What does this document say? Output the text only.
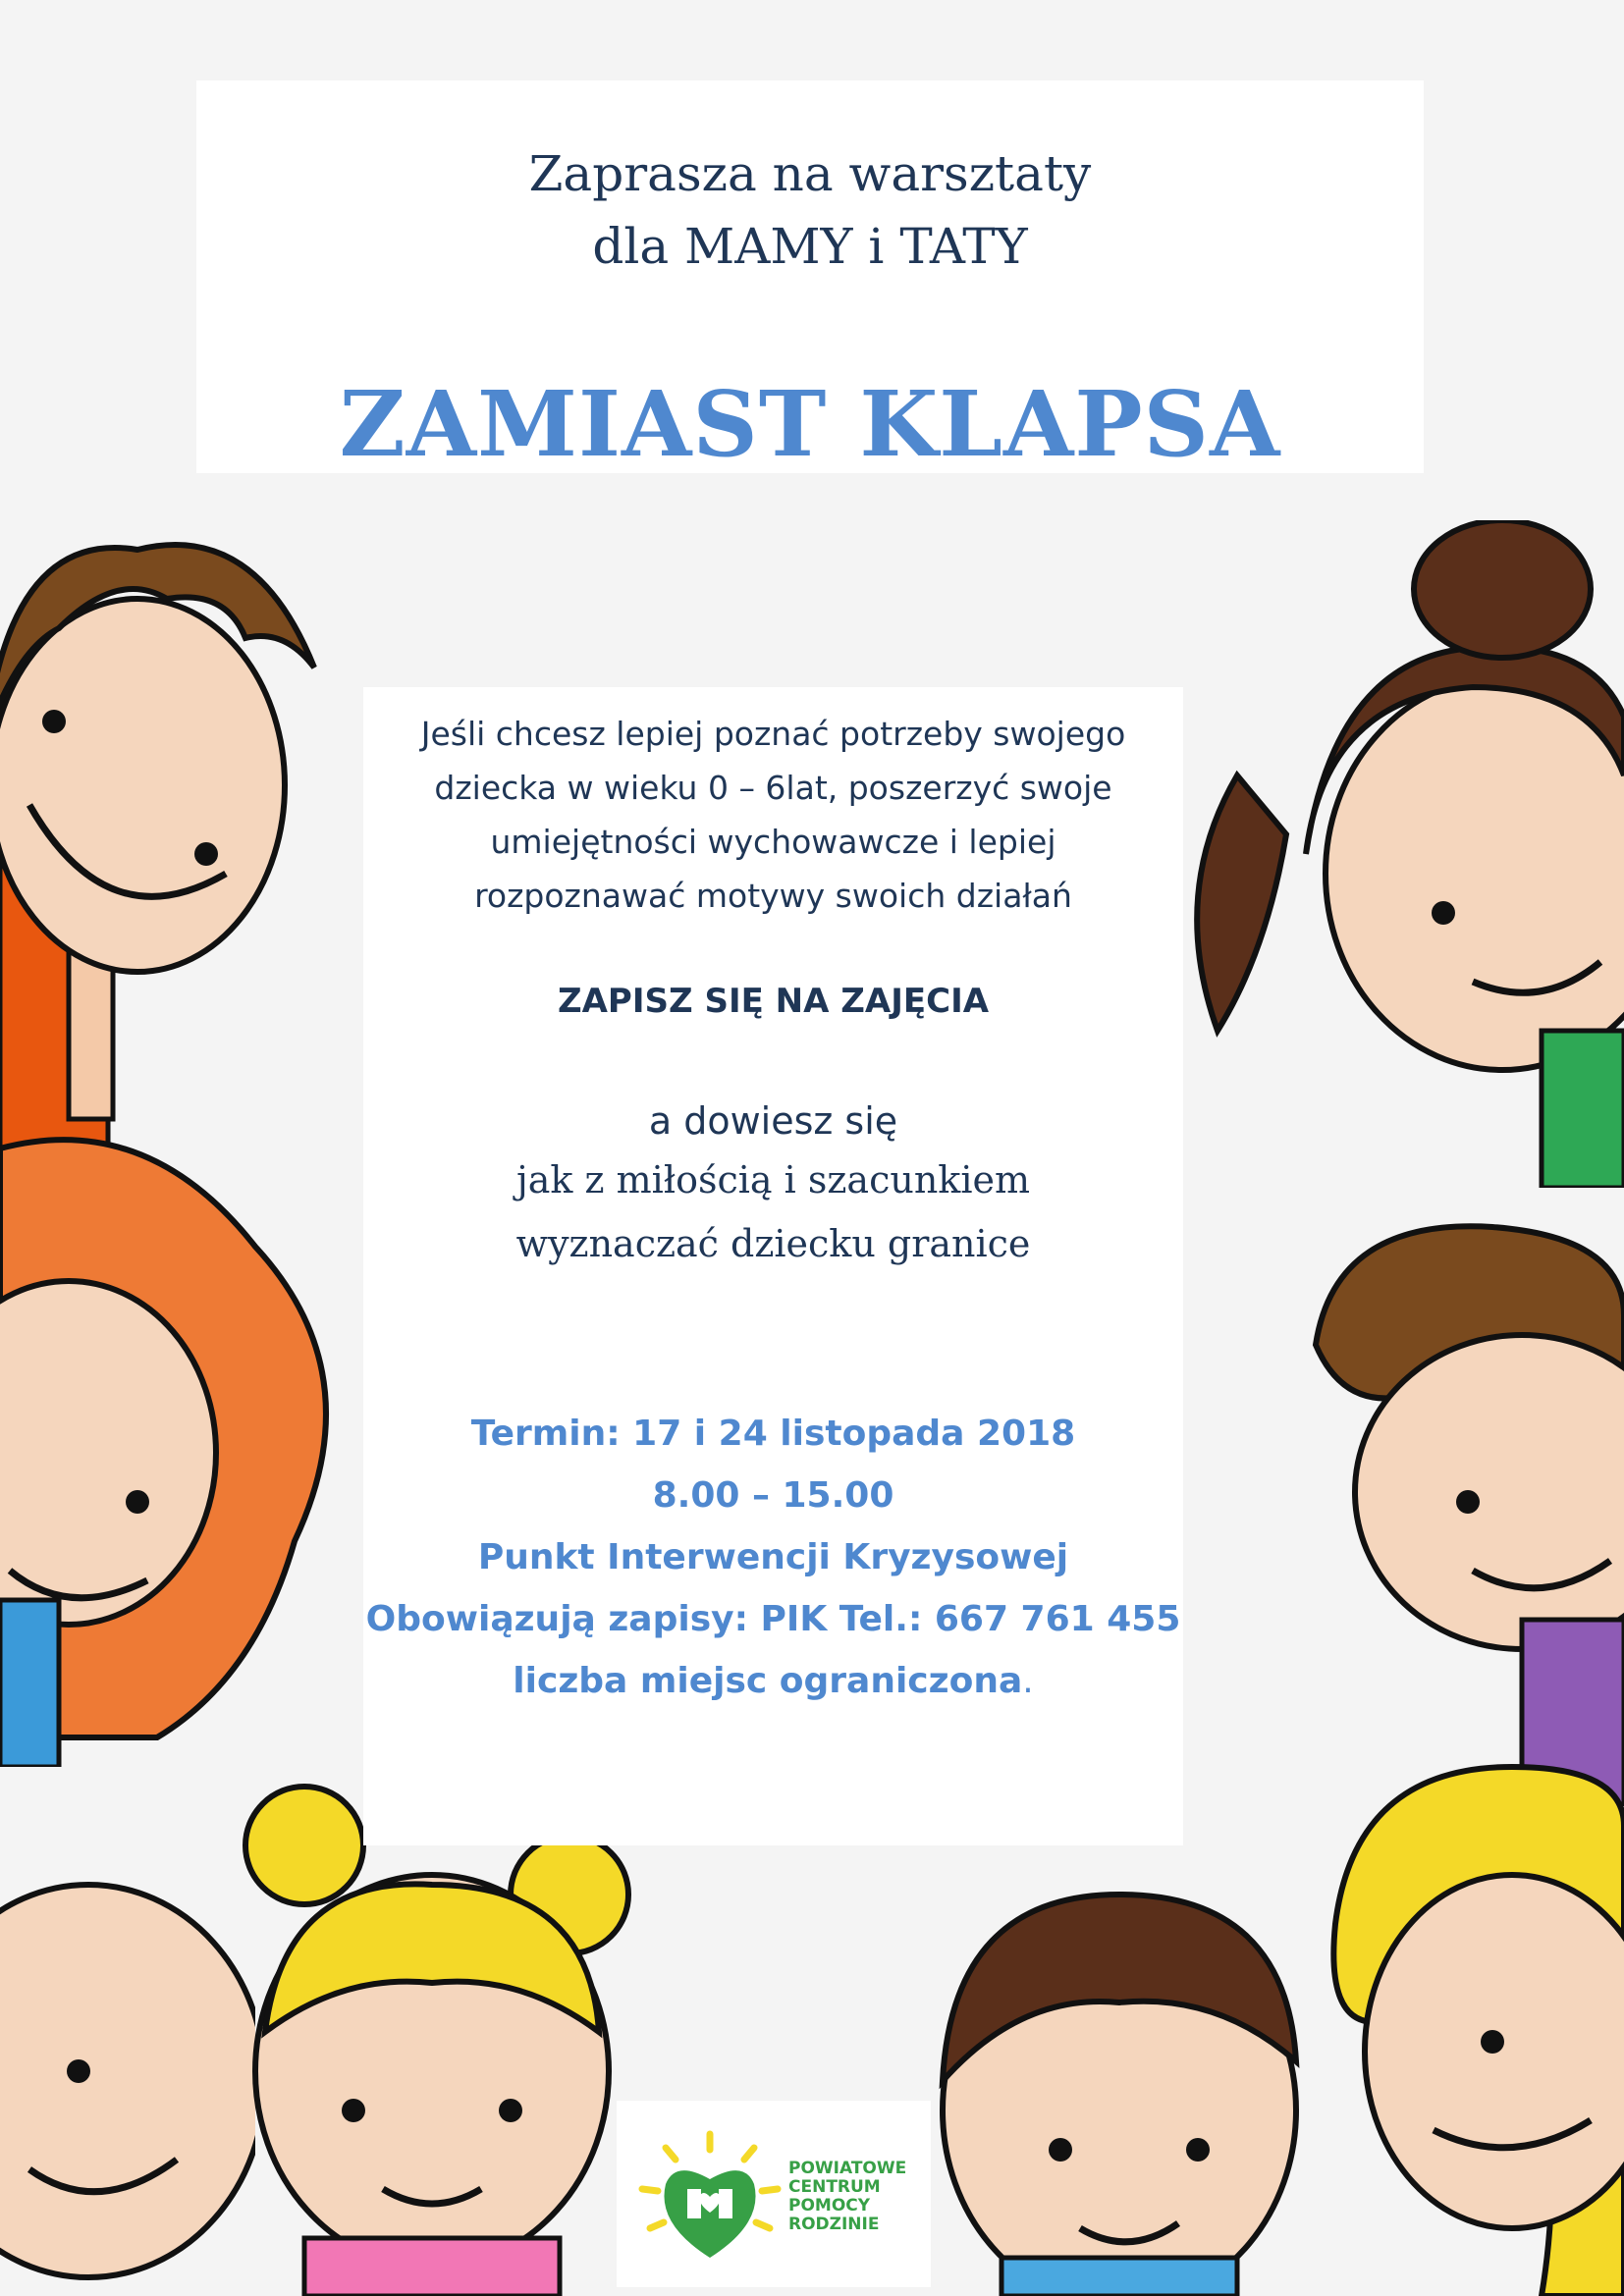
Zaprasza na warsztaty
dla MAMY i TATY
ZAMIAST KLAPSA
Jeśli chcesz lepiej poznać potrzeby swojego
dziecka w wieku 0 – 6lat, poszerzyć swoje
umiejętności wychowawcze i lepiej
rozpoznawać motywy swoich działań
ZAPISZ SIĘ NA ZAJĘCIA
a dowiesz się
jak z miłością i szacunkiem
wyznaczać dziecku granice
Termin: 17 i 24 listopada 2018
8.00 – 15.00
Punkt Interwencji Kryzysowej
Obowiązują zapisy: PIK Tel.: 667 761 455
liczba miejsc ograniczona.
POWIATOWE
CENTRUM
POMOCY
RODZINIE
